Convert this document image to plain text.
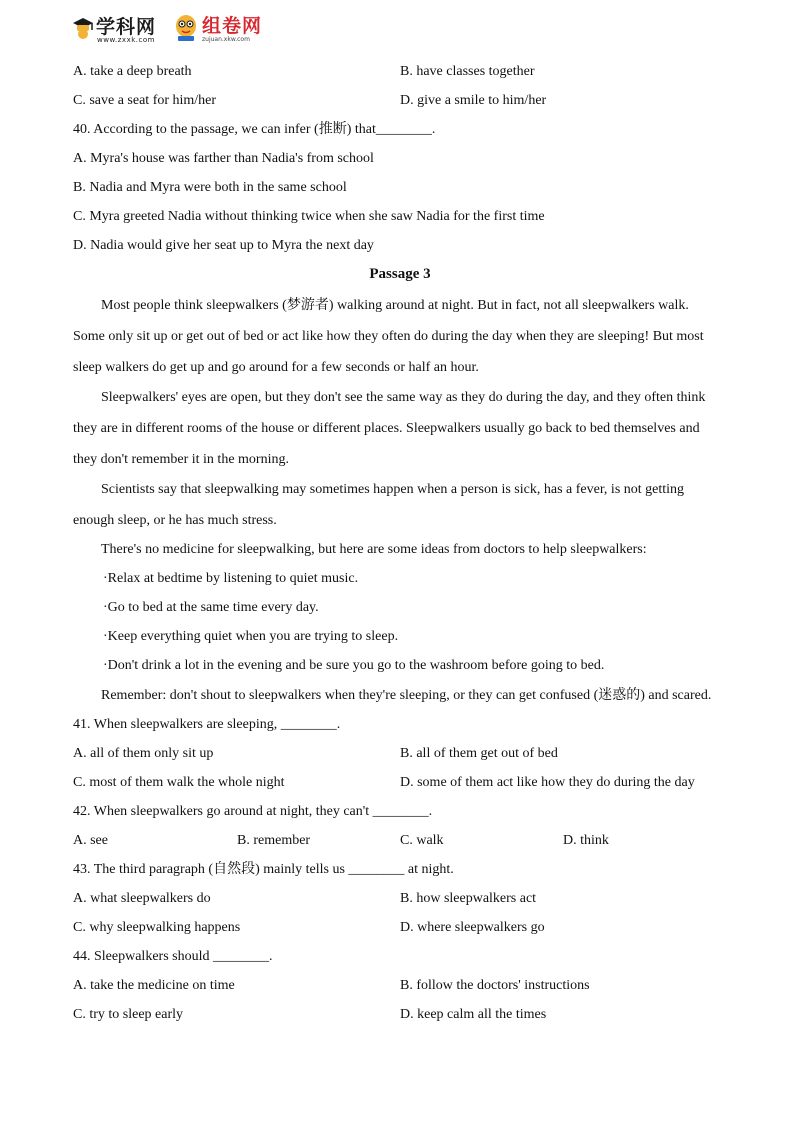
学科网
www.zxxk.com
组卷网
zujuan.xkw.com
A. take a deep breath	B. have classes together
C. save a seat for him/her	D. give a smile to him/her
40. According to the passage, we can infer (推断) that________.
A. Myra's house was farther than Nadia's from school
B. Nadia and Myra were both in the same school
C. Myra greeted Nadia without thinking twice when she saw Nadia for the first time
D. Nadia would give her seat up to Myra the next day
Passage 3
Most people think sleepwalkers (梦游者) walking around at night. But in fact, not all sleepwalkers walk.
Some only sit up or get out of bed or act like how they often do during the day when they are sleeping! But most
sleep walkers do get up and go around for a few seconds or half an hour.
Sleepwalkers' eyes are open, but they don't see the same way as they do during the day, and they often think
they are in different rooms of the house or different places. Sleepwalkers usually go back to bed themselves and
they don't remember it in the morning.
Scientists say that sleepwalking may sometimes happen when a person is sick, has a fever, is not getting
enough sleep, or he has much stress.
There's no medicine for sleepwalking, but here are some ideas from doctors to help sleepwalkers:
·Relax at bedtime by listening to quiet music.
·Go to bed at the same time every day.
·Keep everything quiet when you are trying to sleep.
·Don't drink a lot in the evening and be sure you go to the washroom before going to bed.
Remember: don't shout to sleepwalkers when they're sleeping, or they can get confused (迷惑的) and scared.
41. When sleepwalkers are sleeping, ________.
A. all of them only sit up	B. all of them get out of bed
C. most of them walk the whole night	D. some of them act like how they do during the day
42. When sleepwalkers go around at night, they can't ________.
A. see	B. remember	C. walk	D. think
43. The third paragraph (自然段) mainly tells us ________ at night.
A. what sleepwalkers do	B. how sleepwalkers act
C. why sleepwalking happens	D. where sleepwalkers go
44. Sleepwalkers should ________.
A. take the medicine on time	B. follow the doctors' instructions
C. try to sleep early	D. keep calm all the times
